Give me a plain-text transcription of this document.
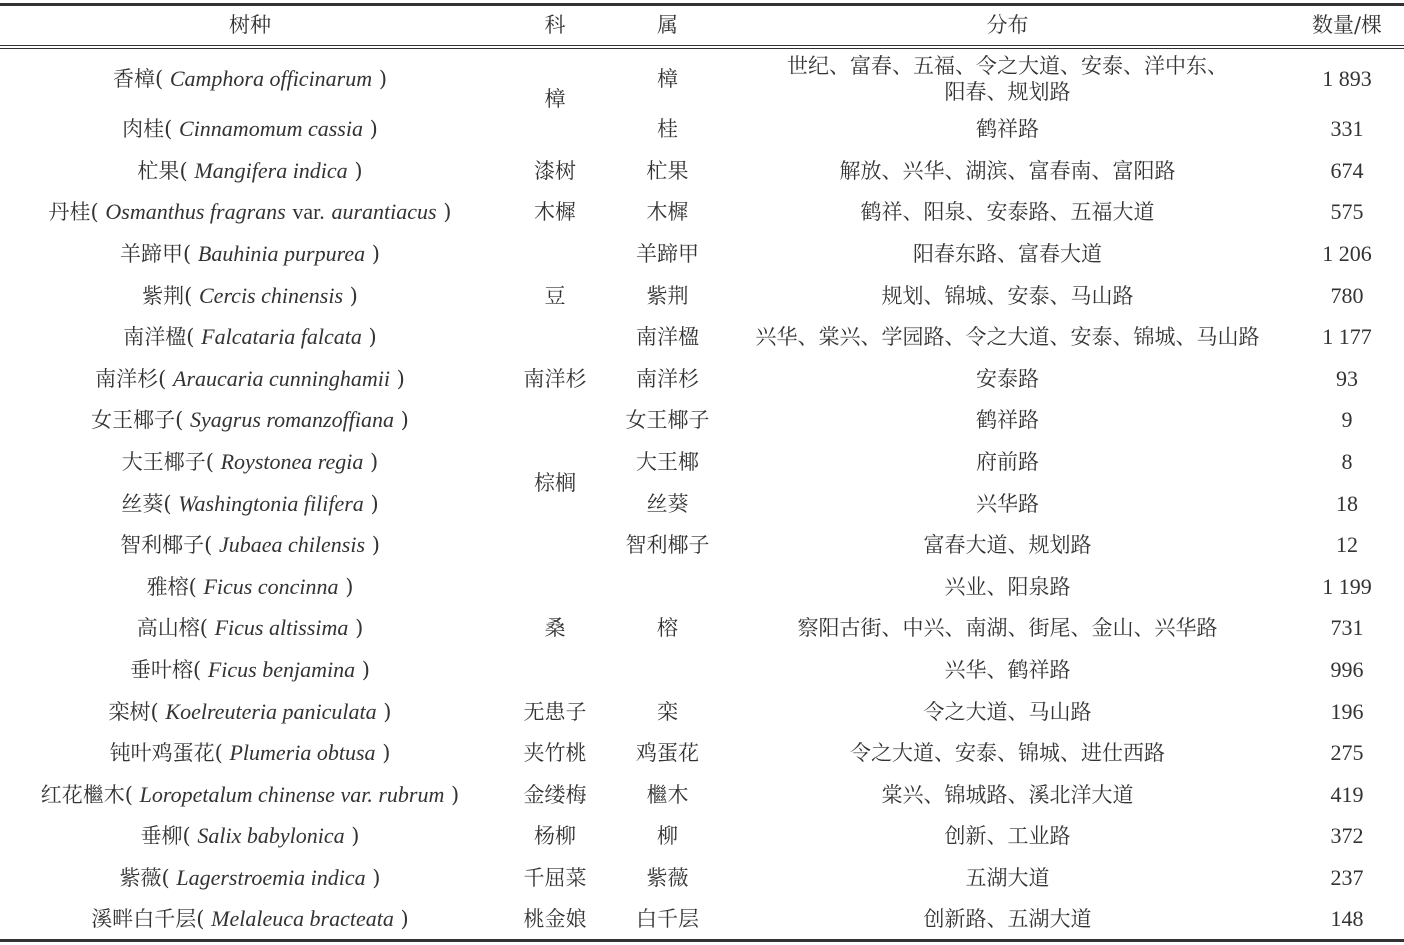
树种	科	属	分布	数量/棵
香樟( Camphora officinarum )	樟	樟	世纪、富春、五福、令之大道、安泰、洋中东、
阳春、规划路	1 893
肉桂( Cinnamomum cassia )		桂	鹤祥路	331
杧果( Mangifera indica )	漆树	杧果	解放、兴华、湖滨、富春南、富阳路	674
丹桂( Osmanthus fragrans var. aurantiacus )	木樨	木樨	鹤祥、阳泉、安泰路、五福大道	575
羊蹄甲( Bauhinia purpurea )	豆	羊蹄甲	阳春东路、富春大道	1 206
紫荆( Cercis chinensis )		紫荆	规划、锦城、安泰、马山路	780
南洋楹( Falcataria falcata )		南洋楹	兴华、棠兴、学园路、令之大道、安泰、锦城、马山路	1 177
南洋杉( Araucaria cunninghamii )	南洋杉	南洋杉	安泰路	93
女王椰子( Syagrus romanzoffiana )	棕榈	女王椰子	鹤祥路	9
大王椰子( Roystonea regia )		大王椰	府前路	8
丝葵( Washingtonia filifera )		丝葵	兴华路	18
智利椰子( Jubaea chilensis )		智利椰子	富春大道、规划路	12
雅榕( Ficus concinna )	桑	榕	兴业、阳泉路	1 199
高山榕( Ficus altissima )			察阳古街、中兴、南湖、街尾、金山、兴华路	731
垂叶榕( Ficus benjamina )			兴华、鹤祥路	996
栾树( Koelreuteria paniculata )	无患子	栾	令之大道、马山路	196
钝叶鸡蛋花( Plumeria obtusa )	夹竹桃	鸡蛋花	令之大道、安泰、锦城、进仕西路	275
红花檵木( Loropetalum chinense var. rubrum )	金缕梅	檵木	棠兴、锦城路、溪北洋大道	419
垂柳( Salix babylonica )	杨柳	柳	创新、工业路	372
紫薇( Lagerstroemia indica )	千屈菜	紫薇	五湖大道	237
溪畔白千层( Melaleuca bracteata )	桃金娘	白千层	创新路、五湖大道	148
